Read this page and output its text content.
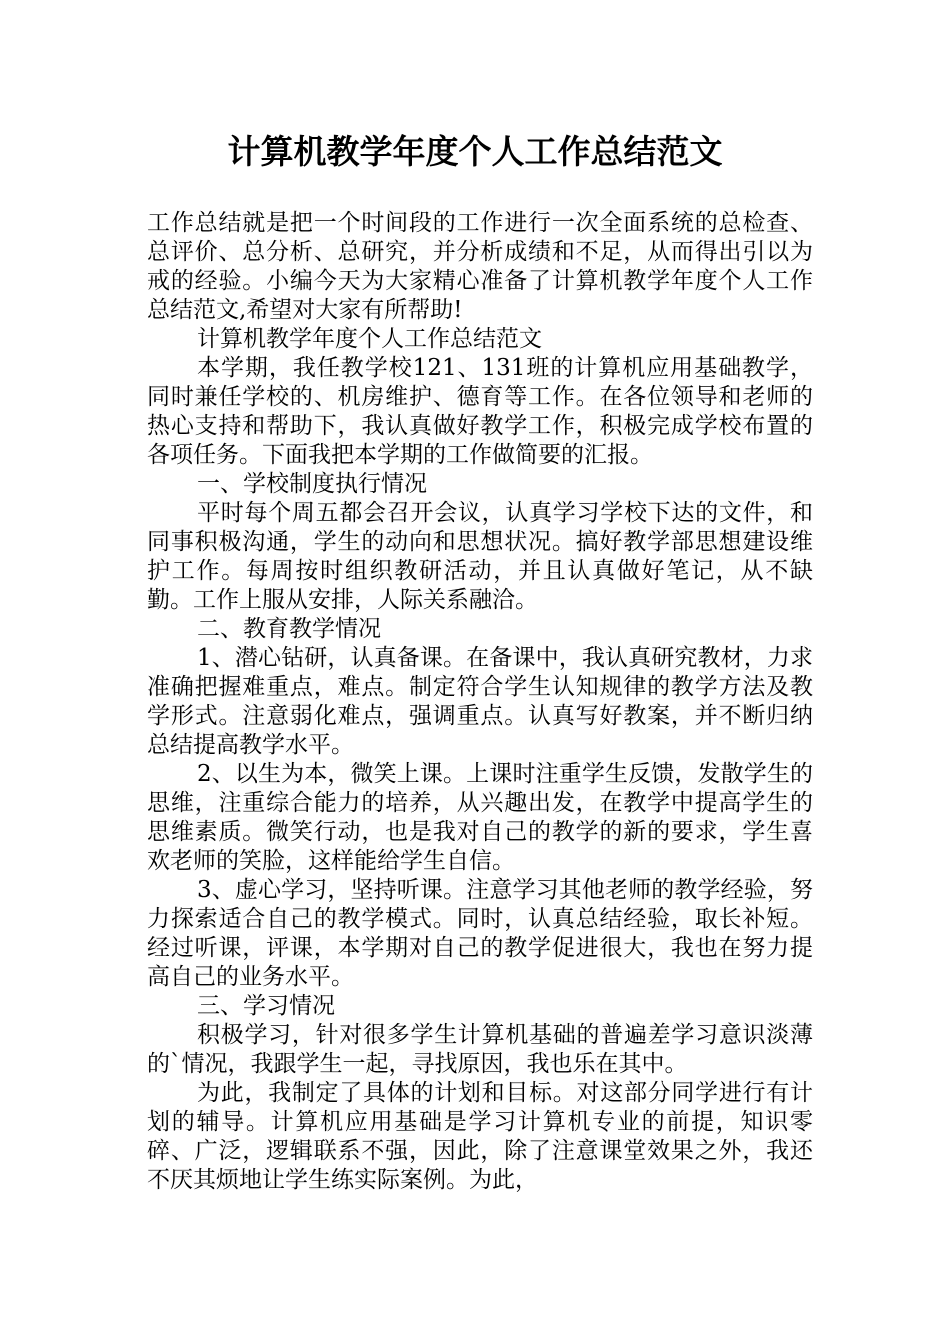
计算机教学年度个人工作总结范文

工作总结就是把一个时间段的工作进行一次全面系统的总检查、总评价、总分析、总研究，并分析成绩和不足，从而得出引以为戒的经验。小编今天为大家精心准备了计算机教学年度个人工作总结范文,希望对大家有所帮助!

计算机教学年度个人工作总结范文

本学期，我任教学校121、131班的计算机应用基础教学，同时兼任学校的、机房维护、德育等工作。在各位领导和老师的热心支持和帮助下，我认真做好教学工作，积极完成学校布置的各项任务。下面我把本学期的工作做简要的汇报。

一、学校制度执行情况

平时每个周五都会召开会议，认真学习学校下达的文件，和同事积极沟通，学生的动向和思想状况。搞好教学部思想建设维护工作。每周按时组织教研活动，并且认真做好笔记，从不缺勤。工作上服从安排，人际关系融洽。

二、教育教学情况

1、潜心钻研，认真备课。在备课中，我认真研究教材，力求准确把握难重点，难点。制定符合学生认知规律的教学方法及教学形式。注意弱化难点，强调重点。认真写好教案，并不断归纳总结提高教学水平。

2、以生为本，微笑上课。上课时注重学生反馈，发散学生的思维，注重综合能力的培养，从兴趣出发，在教学中提高学生的思维素质。微笑行动，也是我对自己的教学的新的要求，学生喜欢老师的笑脸，这样能给学生自信。

3、虚心学习，坚持听课。注意学习其他老师的教学经验，努力探索适合自己的教学模式。同时，认真总结经验，取长补短。经过听课，评课，本学期对自己的教学促进很大，我也在努力提高自己的业务水平。

三、学习情况

积极学习，针对很多学生计算机基础的普遍差学习意识淡薄的`情况，我跟学生一起，寻找原因，我也乐在其中。

为此，我制定了具体的计划和目标。对这部分同学进行有计划的辅导。计算机应用基础是学习计算机专业的前提，知识零碎、广泛，逻辑联系不强，因此，除了注意课堂效果之外，我还不厌其烦地让学生练实际案例。为此，
